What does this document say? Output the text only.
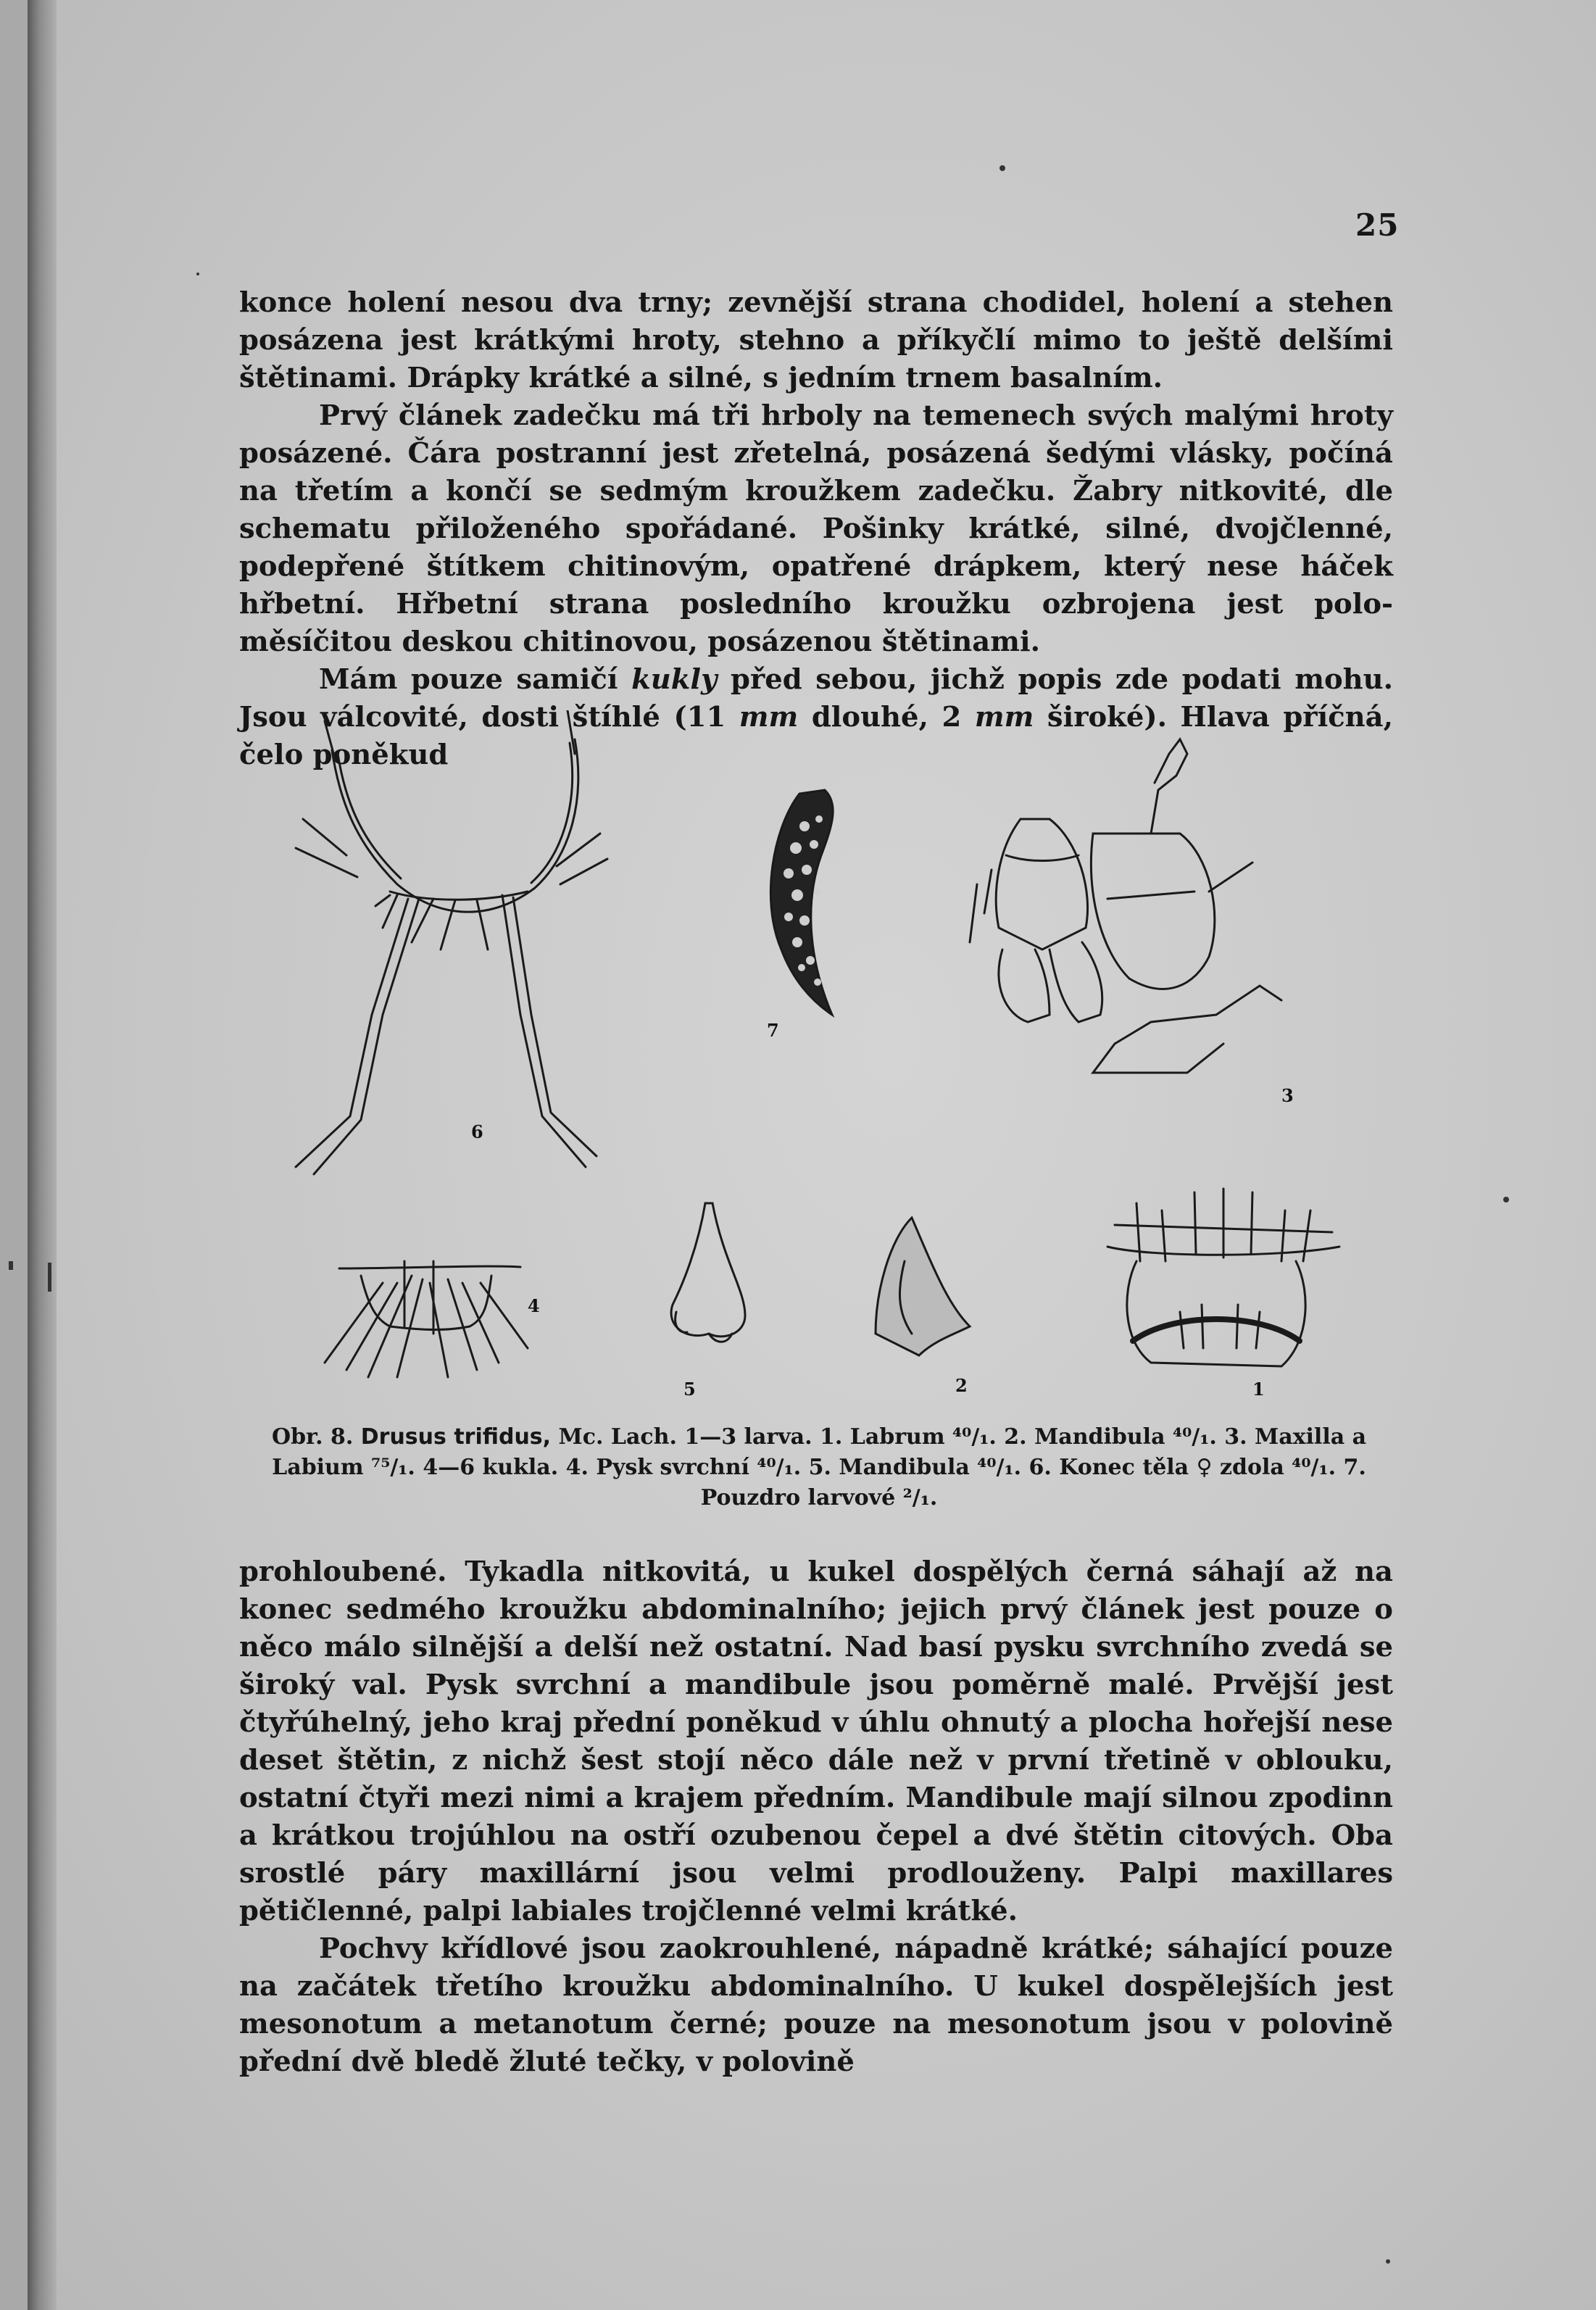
25

konce holení nesou dva trny; zevnější strana chodidel, holení a stehen posázena jest krátkými hroty, stehno a příkyčlí mimo to ještě delšími štětinami. Drápky krátké a silné, s jedním trnem basalním.

Prvý článek zadečku má tři hrboly na temenech svých malými hroty posázené. Čára postranní jest zřetelná, posázená šedými vlásky, počíná na třetím a končí se sedmým kroužkem zadečku. Žabry nitkovité, dle schematu přiloženého spořádané. Pošinky krátké, silné, dvojčlenné, podepřené štítkem chitinovým, opatřené drápkem, který nese háček hřbetní. Hřbetní strana posledního kroužku ozbrojena jest polo-měsíčitou deskou chitinovou, posázenou štětinami.

Mám pouze samičí kukly před sebou, jichž popis zde podati mohu. Jsou válcovité, dosti štíhlé (11 mm dlouhé, 2 mm široké). Hlava příčná, čelo poněkud

6
7
3
4
5	2	1
Obr. 8. Drusus trifidus, Mc. Lach. 1—3 larva. 1. Labrum ⁴⁰/₁. 2. Mandibula ⁴⁰/₁. 3. Maxilla a Labium ⁷⁵/₁. 4—6 kukla. 4. Pysk svrchní ⁴⁰/₁. 5. Mandibula ⁴⁰/₁. 6. Konec těla ♀ zdola ⁴⁰/₁. 7. Pouzdro larvové ²/₁.

prohloubené. Tykadla nitkovitá, u kukel dospělých černá sáhají až na konec sedmého kroužku abdominalního; jejich prvý článek jest pouze o něco málo silnější a delší než ostatní. Nad basí pysku svrchního zvedá se široký val. Pysk svrchní a mandibule jsou poměrně malé. Prvější jest čtyřúhelný, jeho kraj přední poněkud v úhlu ohnutý a plocha hořejší nese deset štětin, z nichž šest stojí něco dále než v první třetině v oblouku, ostatní čtyři mezi nimi a krajem předním. Mandibule mají silnou zpodinn a krátkou trojúhlou na ostří ozubenou čepel a dvé štětin citových. Oba srostlé páry maxillární jsou velmi prodlouženy. Palpi maxillares pětičlenné, palpi labiales trojčlenné velmi krátké.

Pochvy křídlové jsou zaokrouhlené, nápadně krátké; sáhající pouze na začátek třetího kroužku abdominalního. U kukel dospělejších jest mesonotum a metanotum černé; pouze na mesonotum jsou v polovině přední dvě bledě žluté tečky, v polovině
